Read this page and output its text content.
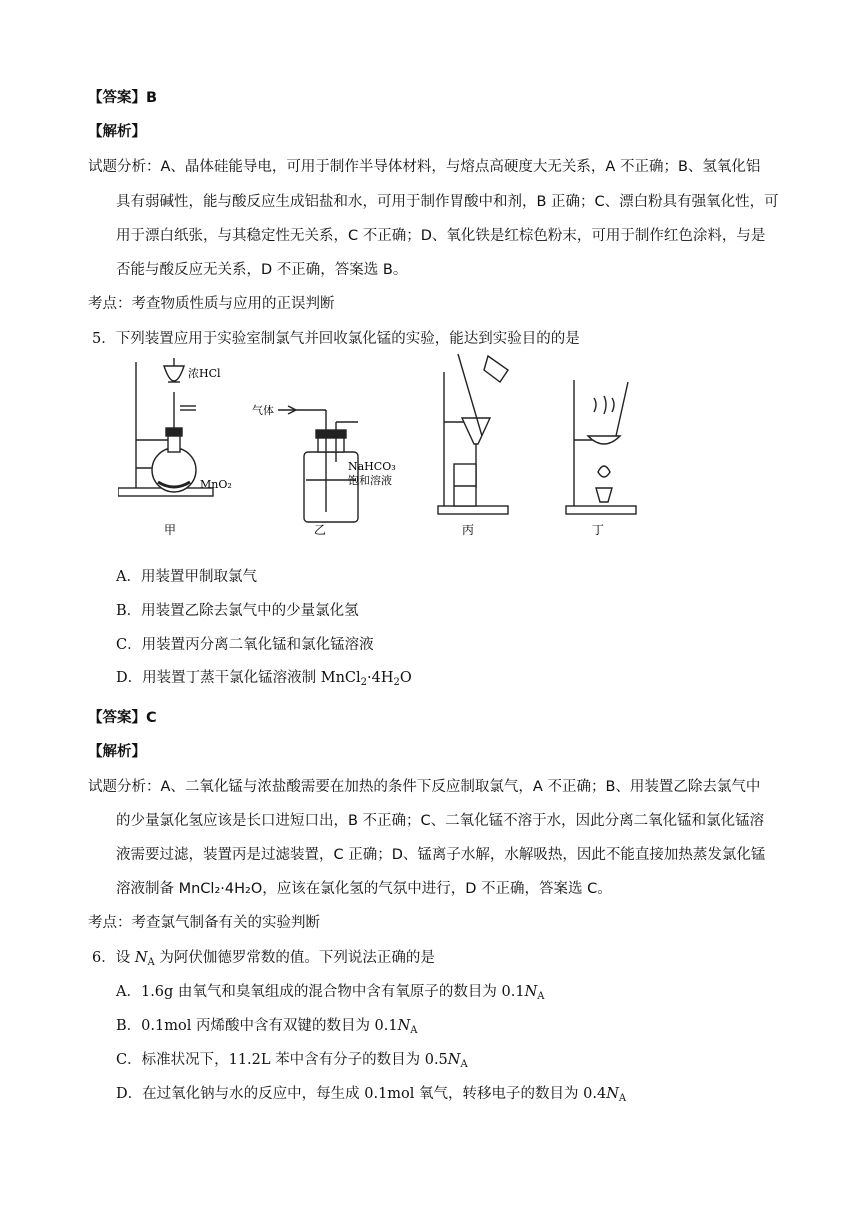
【答案】B
【解析】
试题分析：A、晶体硅能导电，可用于制作半导体材料，与熔点高硬度大无关系，A 不正确；B、氢氧化铝
具有弱碱性，能与酸反应生成铝盐和水，可用于制作胃酸中和剂，B 正确；C、漂白粉具有强氧化性，可
用于漂白纸张，与其稳定性无关系，C 不正确；D、氧化铁是红棕色粉末，可用于制作红色涂料，与是
否能与酸反应无关系，D 不正确，答案选 B。
考点：考查物质性质与应用的正误判断
5．下列装置应用于实验室制氯气并回收氯化锰的实验，能达到实验目的的是
浓HCl
MnO₂
气体
NaHCO₃
饱和溶液
甲	乙	丙	丁
A．用装置甲制取氯气
B．用装置乙除去氯气中的少量氯化氢
C．用装置丙分离二氧化锰和氯化锰溶液
D．用装置丁蒸干氯化锰溶液制 $MnCl_2\cdot 4H_2O$
【答案】C
【解析】
试题分析：A、二氧化锰与浓盐酸需要在加热的条件下反应制取氯气，A 不正确；B、用装置乙除去氯气中
的少量氯化氢应该是长口进短口出，B 不正确；C、二氧化锰不溶于水，因此分离二氧化锰和氯化锰溶
液需要过滤，装置丙是过滤装置，C 正确；D、锰离子水解，水解吸热，因此不能直接加热蒸发氯化锰
溶液制备 MnCl₂·4H₂O，应该在氯化氢的气氛中进行，D 不正确，答案选 C。
考点：考查氯气制备有关的实验判断
6．设 $N_A$ 为阿伏伽德罗常数的值。下列说法正确的是
A．1.6g 由氧气和臭氧组成的混合物中含有氧原子的数目为 $0.1N_A$
B．0.1mol 丙烯酸中含有双键的数目为 $0.1N_A$
C．标准状况下，11.2L 苯中含有分子的数目为 $0.5N_A$
D．在过氧化钠与水的反应中，每生成 0.1mol 氧气，转移电子的数目为 $0.4N_A$
